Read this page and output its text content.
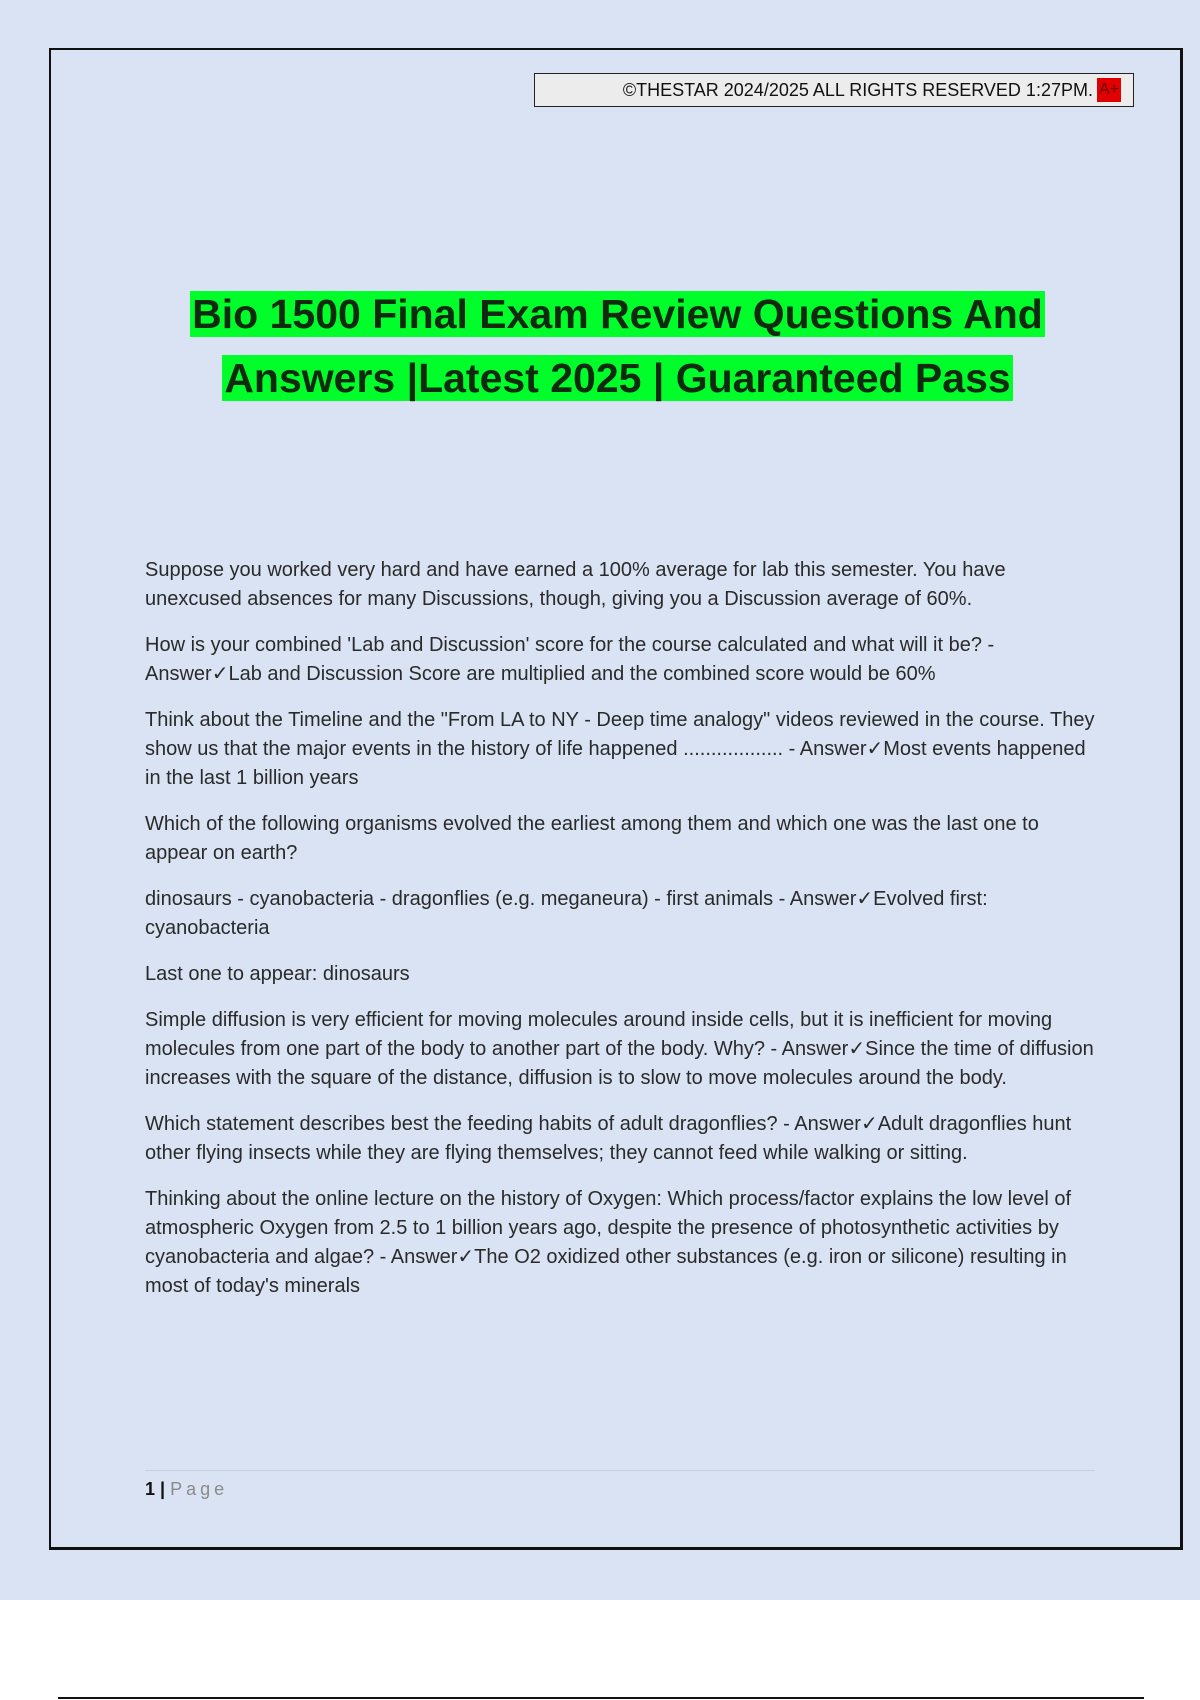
©THESTAR 2024/2025 ALL RIGHTS RESERVED 1:27PM. A+
Bio 1500 Final Exam Review Questions And
Answers |Latest 2025 | Guaranteed Pass

Suppose you worked very hard and have earned a 100% average for lab this semester. You have unexcused absences for many Discussions, though, giving you a Discussion average of 60%.

How is your combined 'Lab and Discussion' score for the course calculated and what will it be? - Answer✓Lab and Discussion Score are multiplied and the combined score would be 60%

Think about the Timeline and the "From LA to NY - Deep time analogy" videos reviewed in the course. They show us that the major events in the history of life happened .................. - Answer✓Most events happened in the last 1 billion years

Which of the following organisms evolved the earliest among them and which one was the last one to appear on earth?

dinosaurs - cyanobacteria - dragonflies (e.g. meganeura) - first animals - Answer✓Evolved first: cyanobacteria

Last one to appear: dinosaurs

Simple diffusion is very efficient for moving molecules around inside cells, but it is inefficient for moving molecules from one part of the body to another part of the body. Why? - Answer✓Since the time of diffusion increases with the square of the distance, diffusion is to slow to move molecules around the body.

Which statement describes best the feeding habits of adult dragonflies? - Answer✓Adult dragonflies hunt other flying insects while they are flying themselves; they cannot feed while walking or sitting.

Thinking about the online lecture on the history of Oxygen: Which process/factor explains the low level of atmospheric Oxygen from 2.5 to 1 billion years ago, despite the presence of photosynthetic activities by cyanobacteria and algae? - Answer✓The O2 oxidized other substances (e.g. iron or silicone) resulting in most of today's minerals

1 | Page
